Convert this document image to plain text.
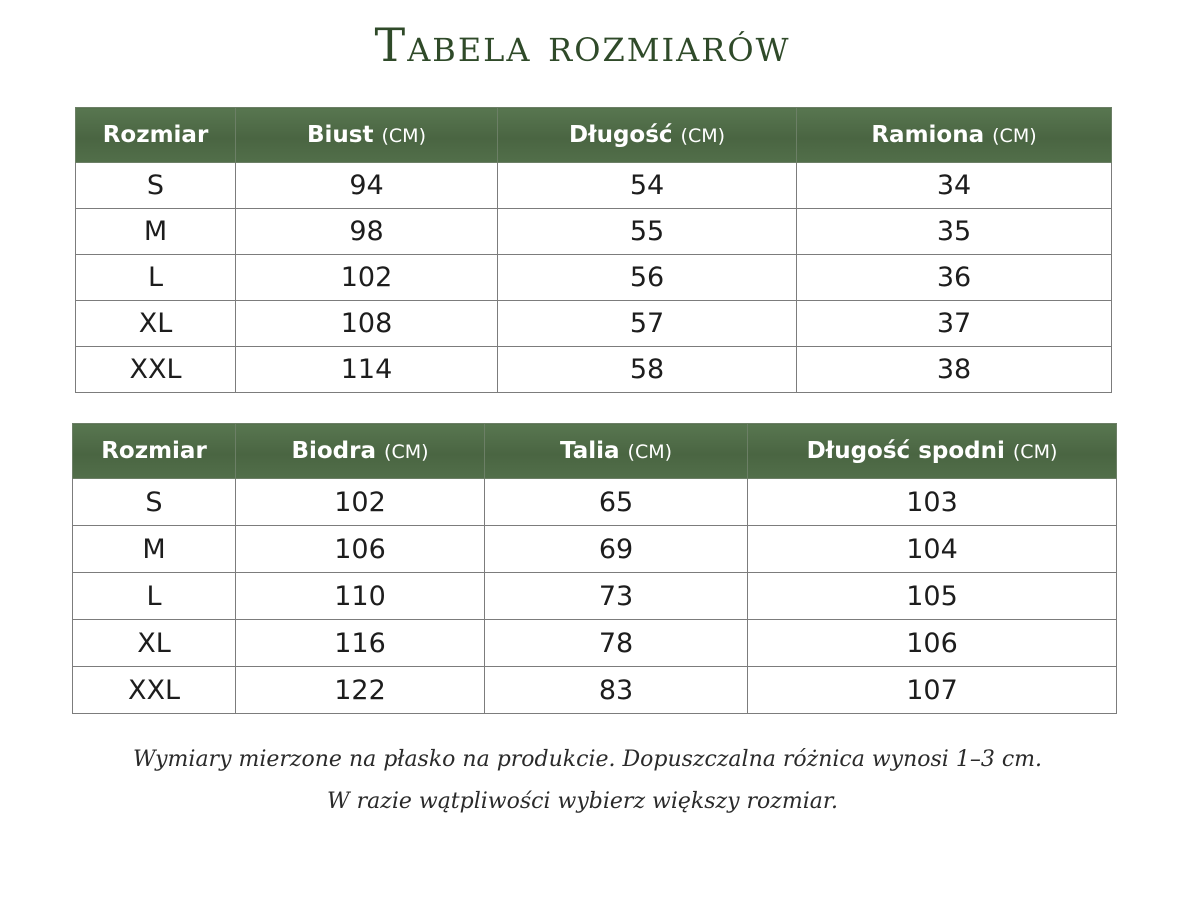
Tabela rozmiarów
Rozmiar	Biust (CM)	Długość (CM)	Ramiona (CM)
S	94	54	34
M	98	55	35
L	102	56	36
XL	108	57	37
XXL	114	58	38
Rozmiar	Biodra (CM)	Talia (CM)	Długość spodni (CM)
S	102	65	103
M	106	69	104
L	110	73	105
XL	116	78	106
XXL	122	83	107
Wymiary mierzone na płasko na produkcie. Dopuszczalna różnica wynosi 1–3 cm.
W razie wątpliwości wybierz większy rozmiar.
